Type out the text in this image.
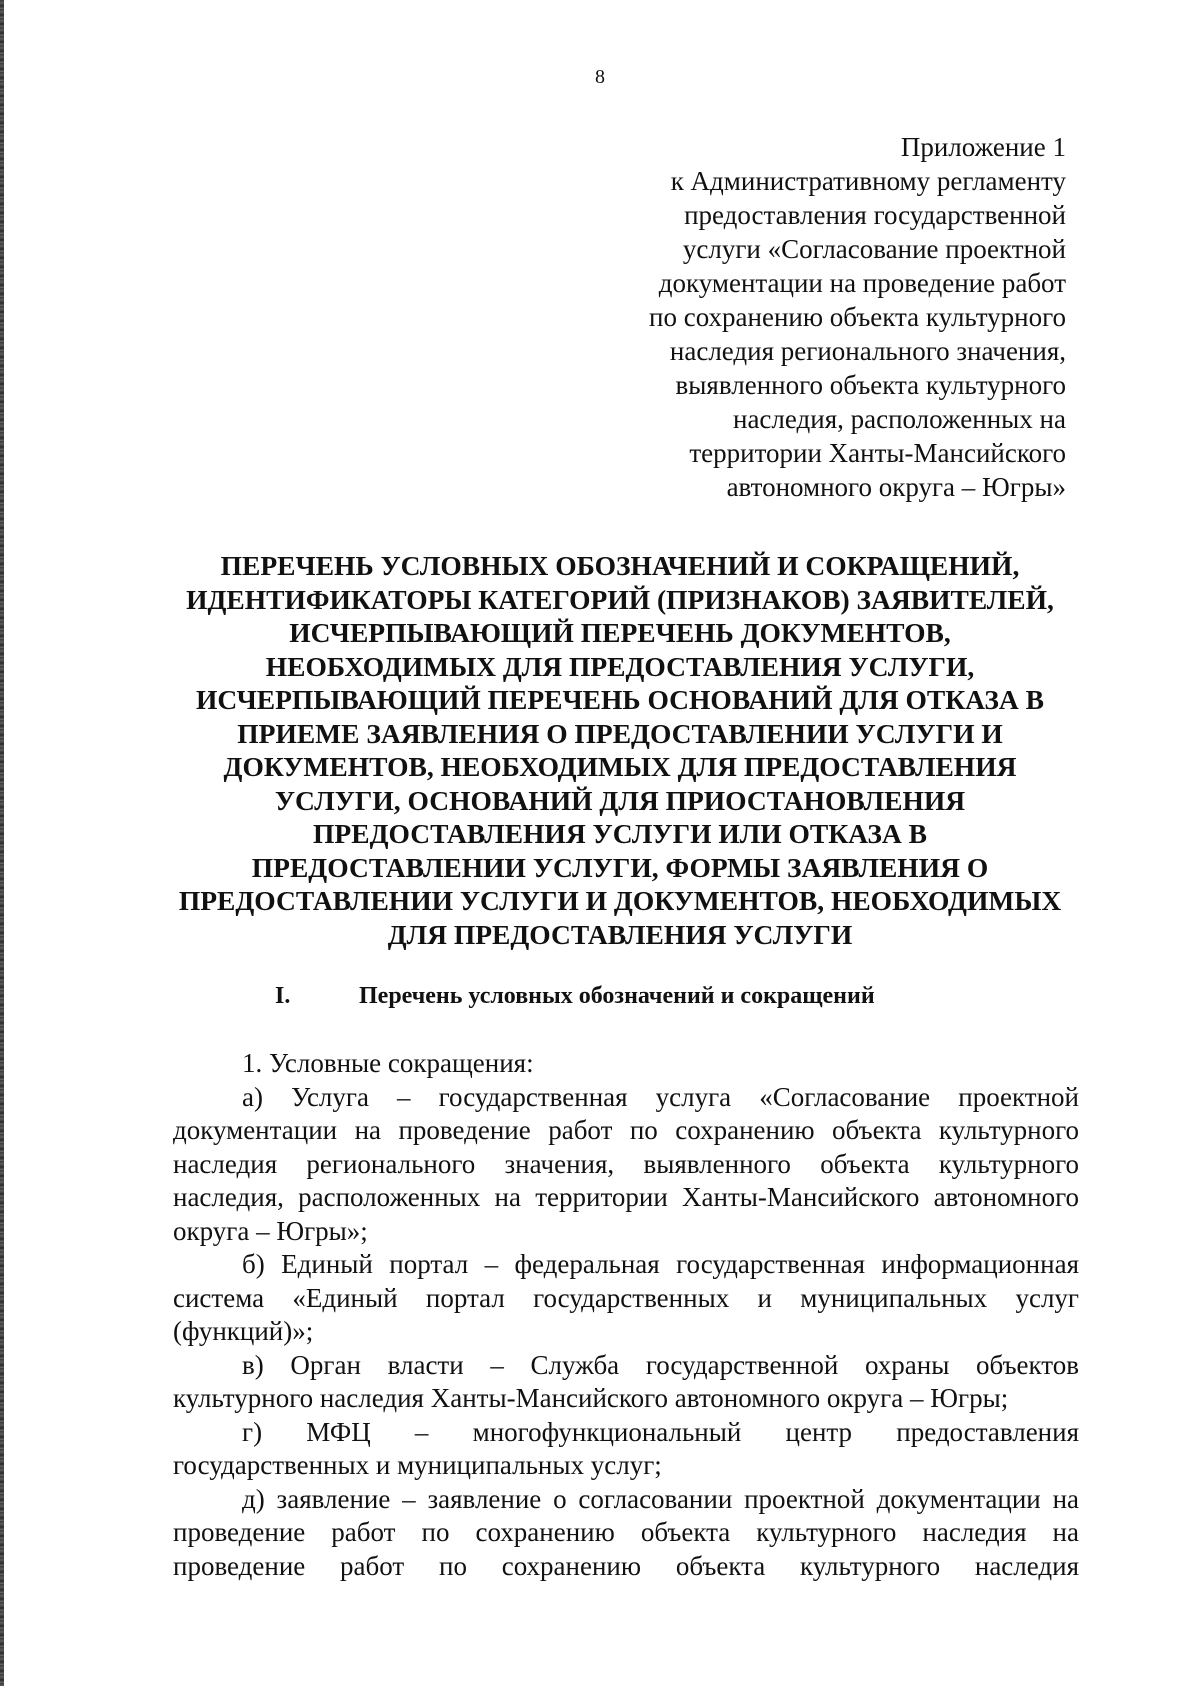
8
Приложение 1
к Административному регламенту
предоставления государственной
услуги «Согласование проектной
документации на проведение работ
по сохранению объекта культурного
наследия регионального значения,
выявленного объекта культурного
наследия, расположенных на
территории Ханты-Мансийского
автономного округа – Югры»
ПЕРЕЧЕНЬ УСЛОВНЫХ ОБОЗНАЧЕНИЙ И СОКРАЩЕНИЙ,
ИДЕНТИФИКАТОРЫ КАТЕГОРИЙ (ПРИЗНАКОВ) ЗАЯВИТЕЛЕЙ,
ИСЧЕРПЫВАЮЩИЙ ПЕРЕЧЕНЬ ДОКУМЕНТОВ,
НЕОБХОДИМЫХ ДЛЯ ПРЕДОСТАВЛЕНИЯ УСЛУГИ,
ИСЧЕРПЫВАЮЩИЙ ПЕРЕЧЕНЬ ОСНОВАНИЙ ДЛЯ ОТКАЗА В
ПРИЕМЕ ЗАЯВЛЕНИЯ О ПРЕДОСТАВЛЕНИИ УСЛУГИ И
ДОКУМЕНТОВ, НЕОБХОДИМЫХ ДЛЯ ПРЕДОСТАВЛЕНИЯ
УСЛУГИ, ОСНОВАНИЙ ДЛЯ ПРИОСТАНОВЛЕНИЯ
ПРЕДОСТАВЛЕНИЯ УСЛУГИ ИЛИ ОТКАЗА В
ПРЕДОСТАВЛЕНИИ УСЛУГИ, ФОРМЫ ЗАЯВЛЕНИЯ О
ПРЕДОСТАВЛЕНИИ УСЛУГИ И ДОКУМЕНТОВ, НЕОБХОДИМЫХ
ДЛЯ ПРЕДОСТАВЛЕНИЯ УСЛУГИ
I.	Перечень условных обозначений и сокращений
1. Условные сокращения:
а) Услуга – государственная услуга «Согласование проектной документации на проведение работ по сохранению объекта культурного наследия регионального значения, выявленного объекта культурного наследия, расположенных на территории Ханты-Мансийского автономного округа – Югры»;
б) Единый портал – федеральная государственная информационная система «Единый портал государственных и муниципальных услуг (функций)»;
в) Орган власти – Служба государственной охраны объектов культурного наследия Ханты-Мансийского автономного округа – Югры;
г) МФЦ – многофункциональный центр предоставления государственных и муниципальных услуг;
д) заявление – заявление о согласовании проектной документации на проведение работ по сохранению объекта культурного наследия на проведение работ по сохранению объекта культурного наследия
